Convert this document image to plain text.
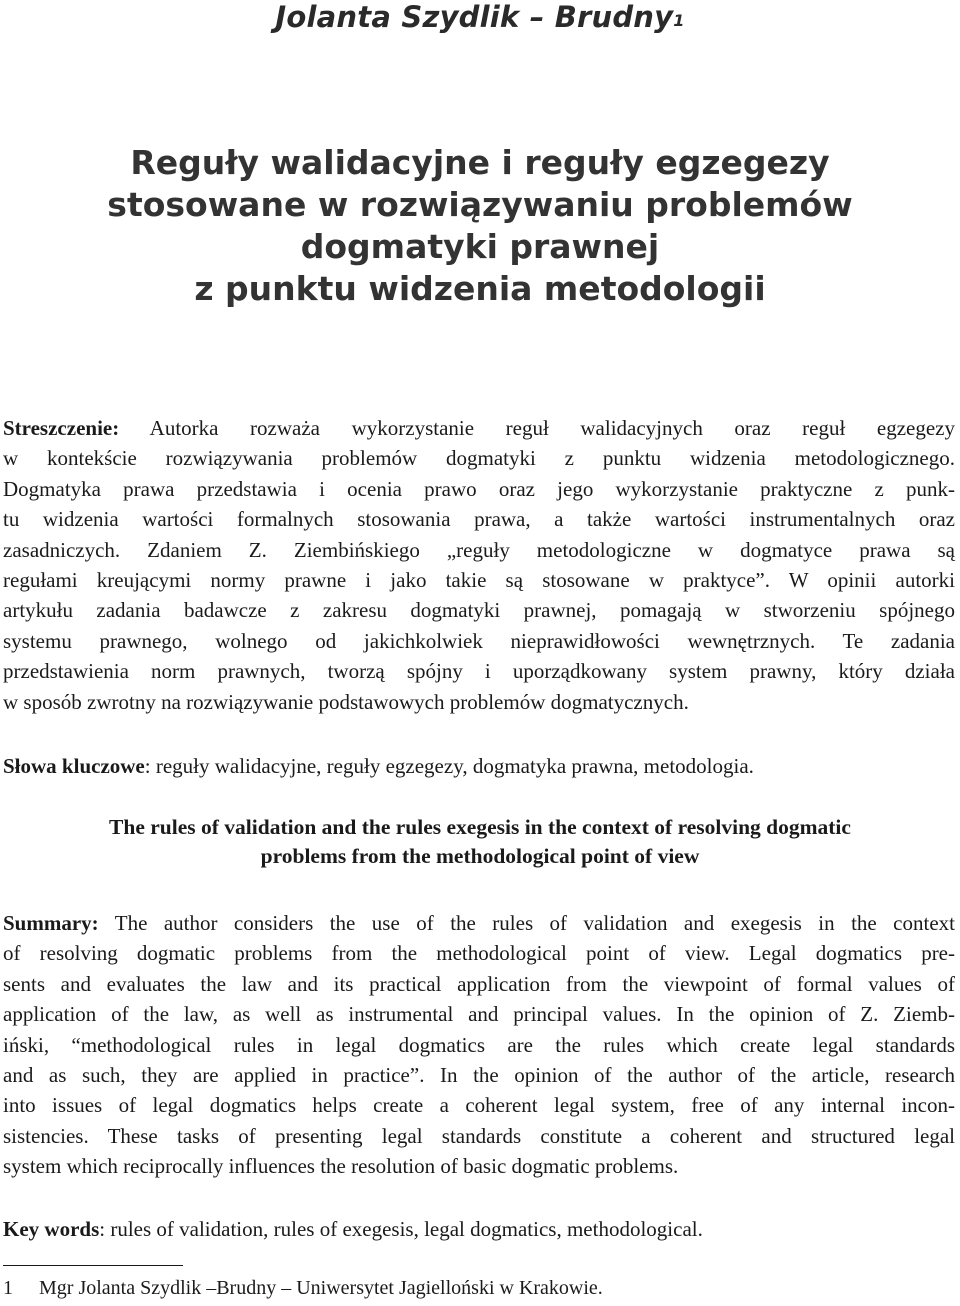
Jolanta Szydlik – Brudny$^1$
Reguły walidacyjne i reguły egzegezy
stosowane w rozwiązywaniu problemów
dogmatyki prawnej
z punktu widzenia metodologii
Streszczenie: Autorka rozważa wykorzystanie reguł walidacyjnych oraz reguł egzegezy
w kontekście rozwiązywania problemów dogmatyki z punktu widzenia metodologicznego.
Dogmatyka prawa przedstawia i ocenia prawo oraz jego wykorzystanie praktyczne z punk-
tu widzenia wartości formalnych stosowania prawa, a także wartości instrumentalnych oraz
zasadniczych. Zdaniem Z. Ziembińskiego „reguły metodologiczne w dogmatyce prawa są
regułami kreującymi normy prawne i jako takie są stosowane w praktyce”. W opinii autorki
artykułu zadania badawcze z zakresu dogmatyki prawnej, pomagają w stworzeniu spójnego
systemu prawnego, wolnego od jakichkolwiek nieprawidłowości wewnętrznych. Te zadania
przedstawienia norm prawnych, tworzą spójny i uporządkowany system prawny, który działa
w sposób zwrotny na rozwiązywanie podstawowych problemów dogmatycznych.
Słowa kluczowe: reguły walidacyjne, reguły egzegezy, dogmatyka prawna, metodologia.
The rules of validation and the rules exegesis in the context of resolving dogmatic
problems from the methodological point of view
Summary: The author considers the use of the rules of validation and exegesis in the context
of resolving dogmatic problems from the methodological point of view. Legal dogmatics pre-
sents and evaluates the law and its practical application from the viewpoint of formal values of
application of the law, as well as instrumental and principal values. In the opinion of Z. Ziemb-
iński, “methodological rules in legal dogmatics are the rules which create legal standards
and as such, they are applied in practice”. In the opinion of the author of the article, research
into issues of legal dogmatics helps create a coherent legal system, free of any internal incon-
sistencies. These tasks of presenting legal standards constitute a coherent and structured legal
system which reciprocally influences the resolution of basic dogmatic problems.
Key words: rules of validation, rules of exegesis, legal dogmatics, methodological.
1 Mgr Jolanta Szydlik –Brudny – Uniwersytet Jagielloński w Krakowie.
